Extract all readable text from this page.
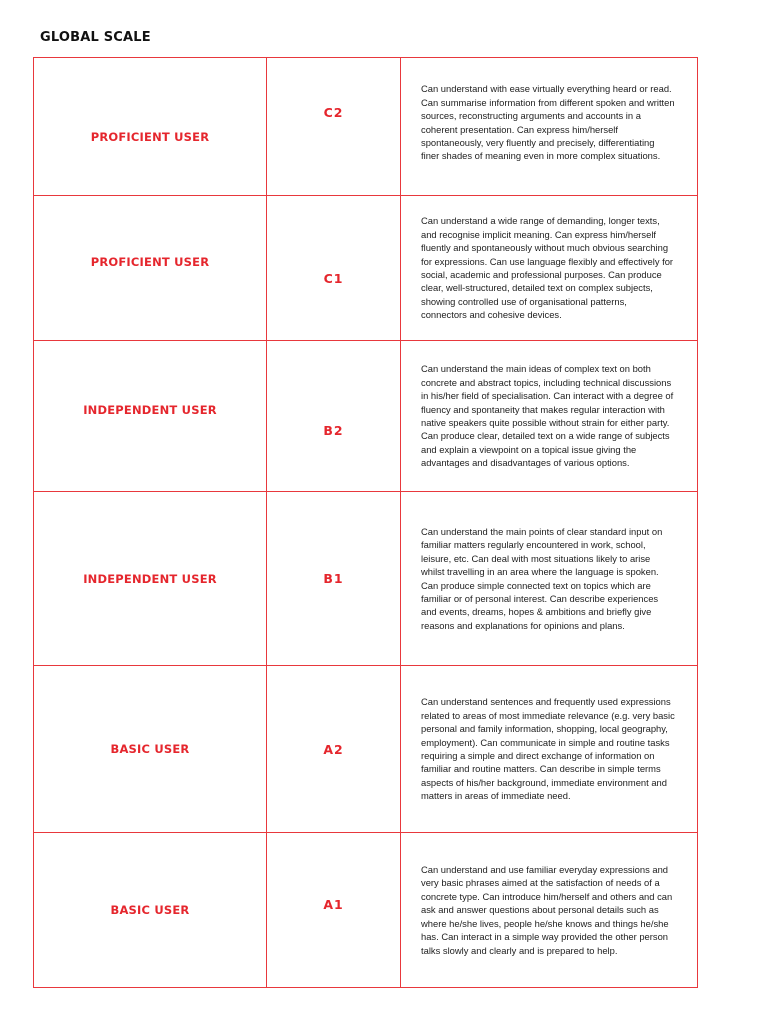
GLOBAL SCALE
PROFICIENT USER	C2	Can understand with ease virtually everything heard or read. Can summarise information from different spoken and written sources, reconstructing arguments and accounts in a coherent presentation. Can express him/herself spontaneously, very fluently and precisely, differentiating finer shades of meaning even in more complex situations.

PROFICIENT USER	C1	Can understand a wide range of demanding, longer texts, and recognise implicit meaning. Can express him/herself fluently and spontaneously without much obvious searching for expressions. Can use language flexibly and effectively for social, academic and professional purposes. Can produce clear, well-structured, detailed text on complex subjects, showing controlled use of organisational patterns, connectors and cohesive devices.

INDEPENDENT USER	B2	Can understand the main ideas of complex text on both concrete and abstract topics, including technical discussions in his/her field of specialisation. Can interact with a degree of fluency and spontaneity that makes regular interaction with native speakers quite possible without strain for either party. Can produce clear, detailed text on a wide range of subjects and explain a viewpoint on a topical issue giving the advantages and disadvantages of various options.

INDEPENDENT USER	B1	Can understand the main points of clear standard input on familiar matters regularly encountered in work, school, leisure, etc. Can deal with most situations likely to arise whilst travelling in an area where the language is spoken. Can produce simple connected text on topics which are familiar or of personal interest. Can describe experiences and events, dreams, hopes & ambitions and briefly give reasons and explanations for opinions and plans.

BASIC USER	A2	Can understand sentences and frequently used expressions related to areas of most immediate relevance (e.g. very basic personal and family information, shopping, local geography, employment). Can communicate in simple and routine tasks requiring a simple and direct exchange of information on familiar and routine matters. Can describe in simple terms aspects of his/her background, immediate environment and matters in areas of immediate need.

BASIC USER	A1	Can understand and use familiar everyday expressions and very basic phrases aimed at the satisfaction of needs of a concrete type. Can introduce him/herself and others and can ask and answer questions about personal details such as where he/she lives, people he/she knows and things he/she has. Can interact in a simple way provided the other person talks slowly and clearly and is prepared to help.
